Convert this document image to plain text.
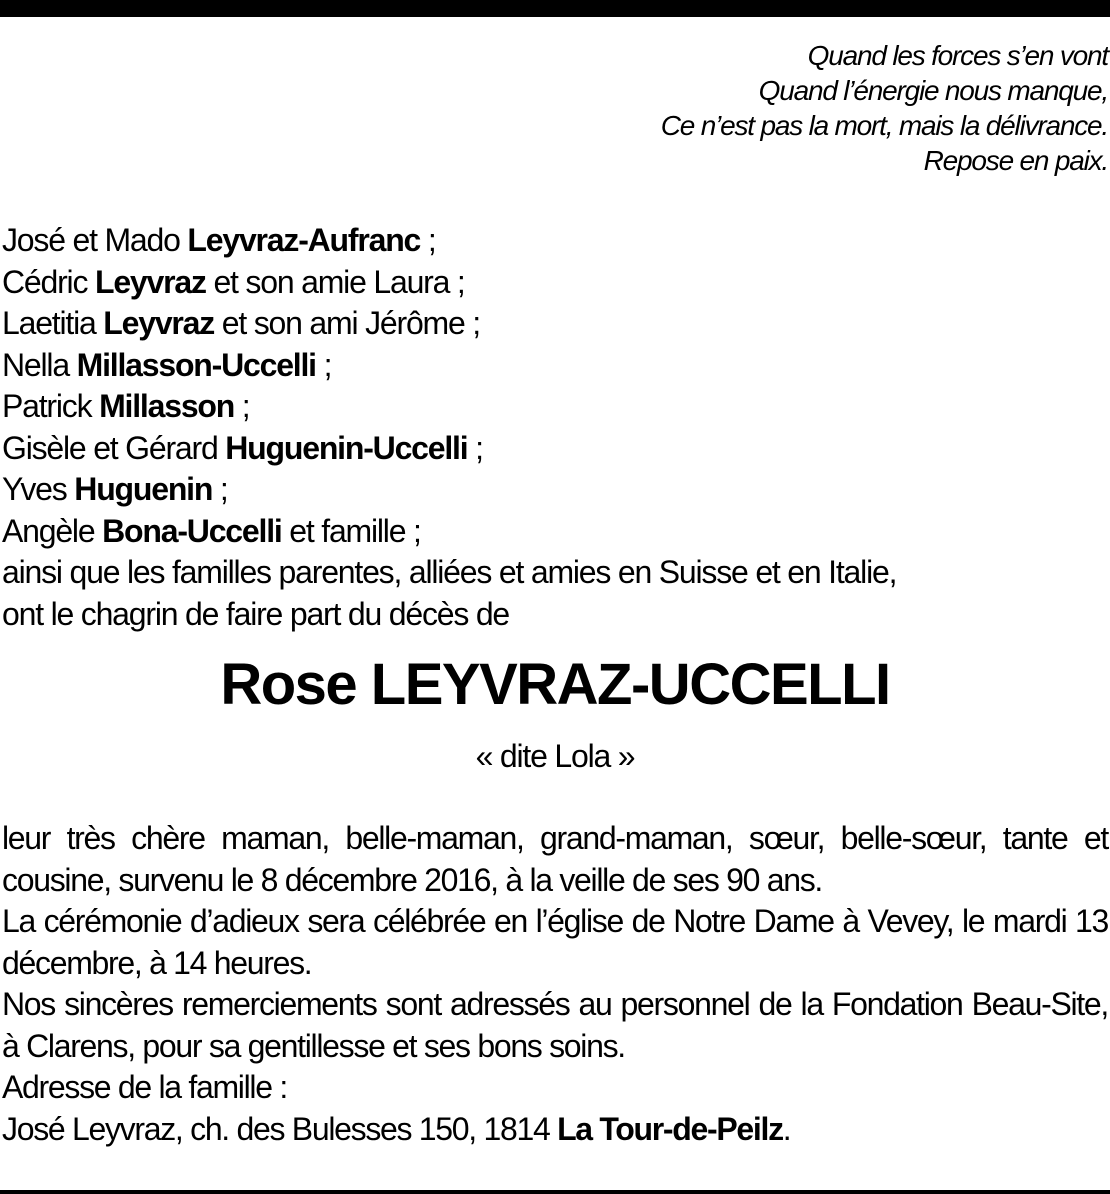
Quand les forces s’en vont
Quand l’énergie nous manque,
Ce n’est pas la mort, mais la délivrance.
Repose en paix.
José et Mado Leyvraz-Aufranc ;
Cédric Leyvraz et son amie Laura ;
Laetitia Leyvraz et son ami Jérôme ;
Nella Millasson-Uccelli ;
Patrick Millasson ;
Gisèle et Gérard Huguenin-Uccelli ;
Yves Huguenin ;
Angèle Bona-Uccelli et famille ;
ainsi que les familles parentes, alliées et amies en Suisse et en Italie,
ont le chagrin de faire part du décès de
Rose LEYVRAZ-UCCELLI
« dite Lola »
leur très chère maman, belle-maman, grand-maman, sœur, belle-sœur, tante et cousine, survenu le 8 décembre 2016, à la veille de ses 90 ans.
La cérémonie d’adieux sera célébrée en l’église de Notre Dame à Vevey, le mardi 13 décembre, à 14 heures.
Nos sincères remerciements sont adressés au personnel de la Fondation Beau-Site, à Clarens, pour sa gentillesse et ses bons soins.
Adresse de la famille :
José Leyvraz, ch. des Bulesses 150, 1814 La Tour-de-Peilz.
